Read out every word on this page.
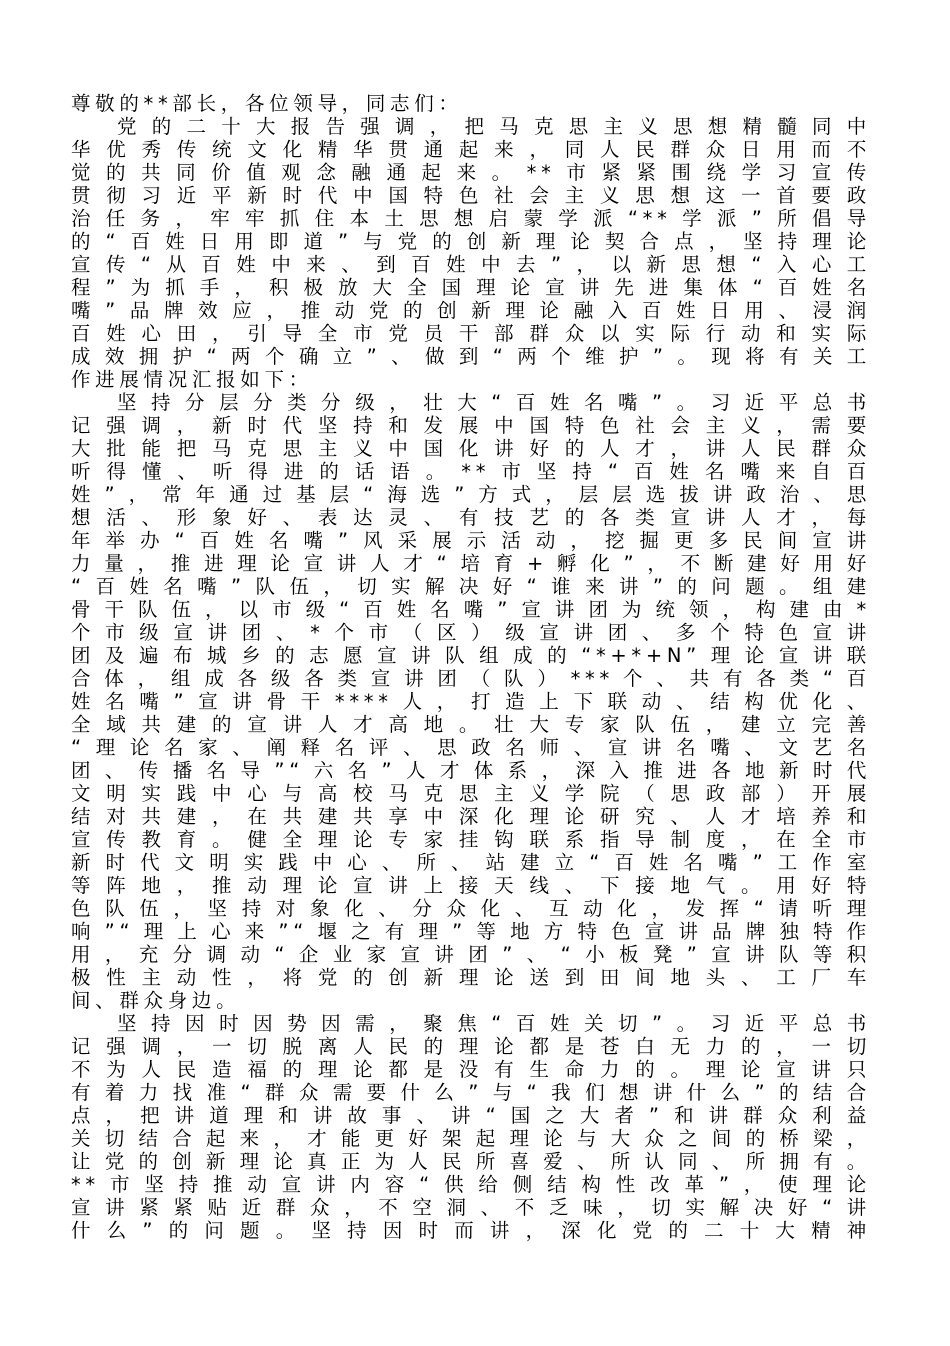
尊敬的**部长，各位领导，同志们：
党的二十大报告强调，把马克思主义思想精髓同中
华优秀传统文化精华贯通起来，同人民群众日用而不
觉的共同价值观念融通起来。**市紧紧围绕学习宣传
贯彻习近平新时代中国特色社会主义思想这一首要政
治任务，牢牢抓住本土思想启蒙学派“**学派”所倡导
的“百姓日用即道”与党的创新理论契合点，坚持理论
宣传“从百姓中来、到百姓中去”，以新思想“入心工
程”为抓手，积极放大全国理论宣讲先进集体“百姓名
嘴”品牌效应，推动党的创新理论融入百姓日用、浸润
百姓心田，引导全市党员干部群众以实际行动和实际
成效拥护“两个确立”、做到“两个维护”。现将有关工
作进展情况汇报如下：
坚持分层分类分级，壮大“百姓名嘴”。习近平总书
记强调，新时代坚持和发展中国特色社会主义，需要
大批能把马克思主义中国化讲好的人才，讲人民群众
听得懂、听得进的话语。**市坚持“百姓名嘴来自百
姓”，常年通过基层“海选”方式，层层选拔讲政治、思
想活、形象好、表达灵、有技艺的各类宣讲人才，每
年举办“百姓名嘴”风采展示活动，挖掘更多民间宣讲
力量，推进理论宣讲人才“培育+孵化”，不断建好用好
“百姓名嘴”队伍，切实解决好“谁来讲”的问题。组建
骨干队伍，以市级“百姓名嘴”宣讲团为统领，构建由*
个市级宣讲团、*个市（区）级宣讲团、多个特色宣讲
团及遍布城乡的志愿宣讲队组成的“*+*+N”理论宣讲联
合体，组成各级各类宣讲团（队）***个、共有各类“百
姓名嘴”宣讲骨干****人，打造上下联动、结构优化、
全域共建的宣讲人才高地。壮大专家队伍，建立完善
“理论名家、阐释名评、思政名师、宣讲名嘴、文艺名
团、传播名导”“六名”人才体系，深入推进各地新时代
文明实践中心与高校马克思主义学院（思政部）开展
结对共建，在共建共享中深化理论研究、人才培养和
宣传教育。健全理论专家挂钩联系指导制度，在全市
新时代文明实践中心、所、站建立“百姓名嘴”工作室
等阵地，推动理论宣讲上接天线、下接地气。用好特
色队伍，坚持对象化、分众化、互动化，发挥“请听理
响”“理上心来”“堰之有理”等地方特色宣讲品牌独特作
用，充分调动“企业家宣讲团”、“小板凳”宣讲队等积
极性主动性，将党的创新理论送到田间地头、工厂车
间、群众身边。
坚持因时因势因需，聚焦“百姓关切”。习近平总书
记强调，一切脱离人民的理论都是苍白无力的，一切
不为人民造福的理论都是没有生命力的。理论宣讲只
有着力找准“群众需要什么”与“我们想讲什么”的结合
点，把讲道理和讲故事、讲“国之大者”和讲群众利益
关切结合起来，才能更好架起理论与大众之间的桥梁，
让党的创新理论真正为人民所喜爱、所认同、所拥有。
**市坚持推动宣讲内容“供给侧结构性改革”，使理论
宣讲紧紧贴近群众，不空洞、不乏味，切实解决好“讲
什么”的问题。坚持因时而讲，深化党的二十大精神
